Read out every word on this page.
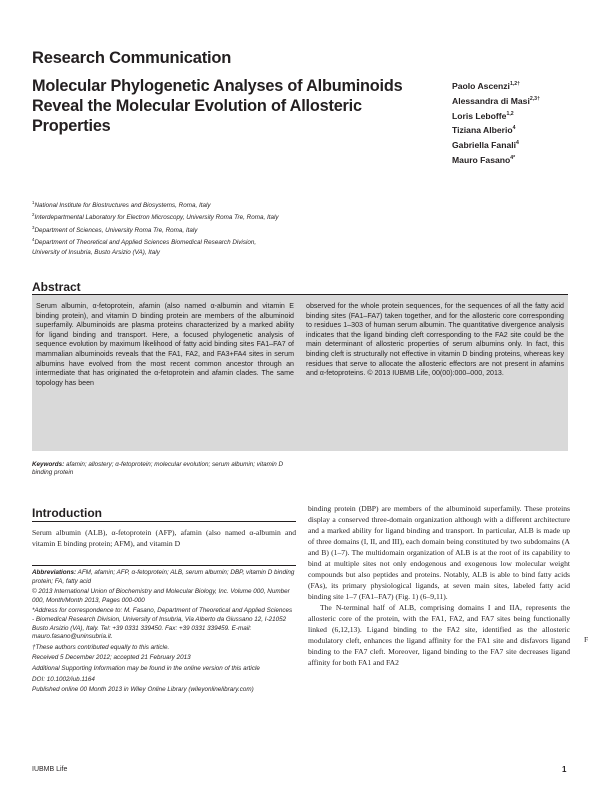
Research Communication
Molecular Phylogenetic Analyses of Albuminoids Reveal the Molecular Evolution of Allosteric Properties
Paolo Ascenzi$^{1,2\dagger}$
Alessandra di Masi$^{2,3\dagger}$
Loris Leboffe$^{1,2}$
Tiziana Alberio$^4$
Gabriella Fanali$^4$
Mauro Fasano$^{4*}$
$^1$National Institute for Biostructures and Biosystems, Roma, Italy
$^2$Interdepartmental Laboratory for Electron Microscopy, University Roma Tre, Roma, Italy
$^3$Department of Sciences, University Roma Tre, Roma, Italy
$^4$Department of Theoretical and Applied Sciences Biomedical Research Division, University of Insubria, Busto Arsizio (VA), Italy
Abstract
Serum albumin, α-fetoprotein, afamin (also named α-albumin and vitamin E binding protein), and vitamin D binding protein are members of the albuminoid superfamily. Albuminoids are plasma proteins characterized by a marked ability for ligand binding and transport. Here, a focused phylogenetic analysis of sequence evolution by maximum likelihood of fatty acid binding sites FA1–FA7 of mammalian albuminoids reveals that the FA1, FA2, and FA3+FA4 sites in serum albumins have evolved from the most recent common ancestor through an intermediate that has originated the α-fetoprotein and afamin clades. The same topology has been
observed for the whole protein sequences, for the sequences of all the fatty acid binding sites (FA1–FA7) taken together, and for the allosteric core corresponding to residues 1–303 of human serum albumin. The quantitative divergence analysis indicates that the ligand binding cleft corresponding to the FA2 site could be the main determinant of allosteric properties of serum albumins only. In fact, this binding cleft is structurally not effective in vitamin D binding proteins, whereas key residues that serve to allocate the allosteric effectors are not present in afamins and α-fetoproteins. © 2013 IUBMB Life, 00(00):000–000, 2013.
Keywords: afamin; allostery; α-fetoprotein; molecular evolution; serum albumin; vitamin D binding protein
Introduction
Serum albumin (ALB), α-fetoprotein (AFP), afamin (also named α-albumin and vitamin E binding protein; AFM), and vitamin D

Abbreviations: AFM, afamin; AFP, α-fetoprotein; ALB, serum albumin; DBP, vitamin D binding protein; FA, fatty acid

© 2013 International Union of Biochemistry and Molecular Biology, Inc. Volume 000, Number 000, Month/Month 2013, Pages 000-000

*Address for correspondence to: M. Fasano, Department of Theoretical and Applied Sciences - Biomedical Research Division, University of Insubria, Via Alberto da Giussano 12, I-21052 Busto Arsizio (VA), Italy. Tel: +39 0331 339450. Fax: +39 0331 339459. E-mail: mauro.fasano@uninsubria.it.

†These authors contributed equally to this article.

Received 5 December 2012; accepted 21 February 2013

Additional Supporting Information may be found in the online version of this article

DOI: 10.1002/iub.1164

Published online 00 Month 2013 in Wiley Online Library (wileyonlinelibrary.com)

binding protein (DBP) are members of the albuminoid superfamily. These proteins display a conserved three-domain organization although with a different architecture and a marked ability for ligand binding and transport. In particular, ALB is made up of three domains (I, II, and III), each domain being constituted by two subdomains (A and B) (1–7). The multidomain organization of ALB is at the root of its capability to bind at multiple sites not only endogenous and exogenous low molecular weight compounds but also peptides and proteins. Notably, ALB is able to bind fatty acids (FAs), its primary physiological ligands, at seven main sites, labeled fatty acid binding site 1–7 (FA1–FA7) (Fig. 1) (6–9,11).

The N-terminal half of ALB, comprising domains I and IIA, represents the allosteric core of the protein, with the FA1, FA2, and FA7 sites being functionally linked (6,12,13). Ligand binding to the FA2 site, identified as the allosteric modulatory cleft, enhances the ligand affinity for the FA1 site and disfavors ligand binding to the FA7 cleft. Moreover, ligand binding to the FA7 site decreases ligand affinity for both FA1 and FA2

F
IUBMB Life	1
